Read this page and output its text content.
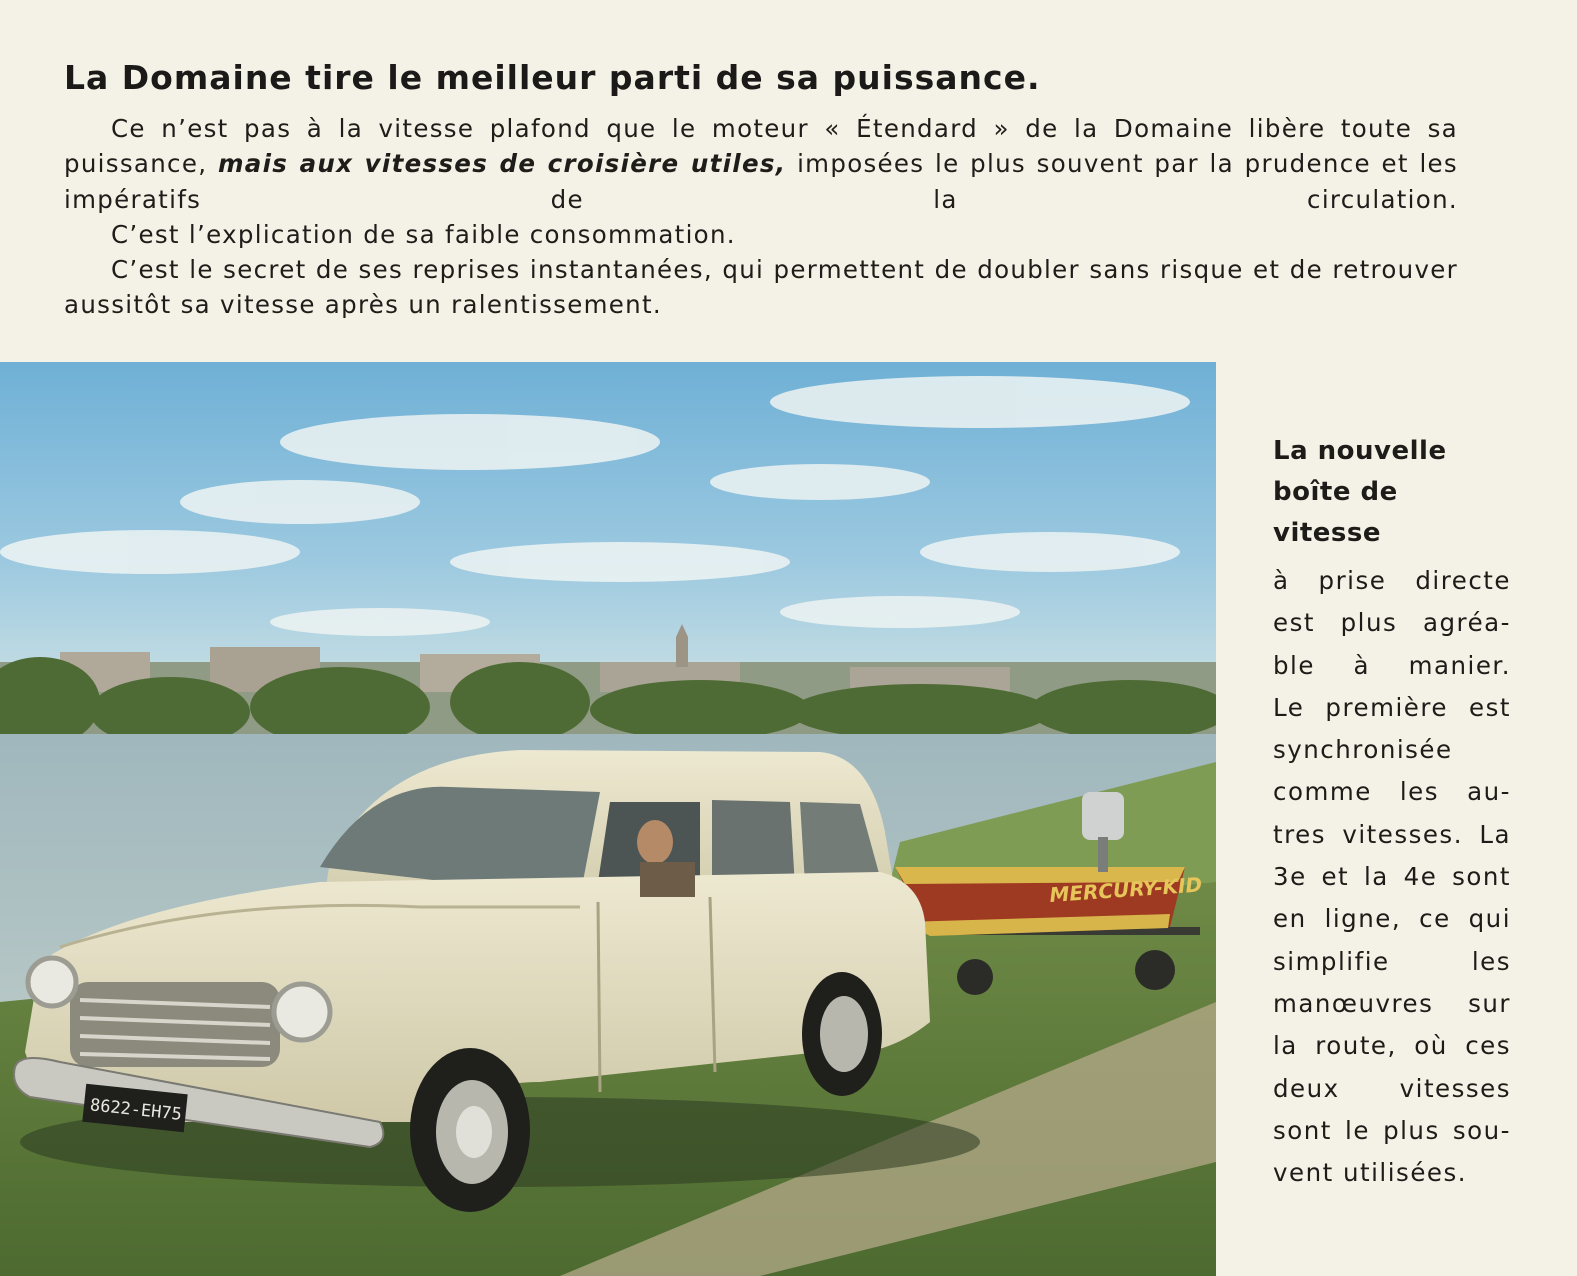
La Domaine tire le meilleur parti de sa puissance.

Ce n’est pas à la vitesse plafond que le moteur « Étendard » de la Domaine libère toute sa puissance, mais aux vitesses de croisière utiles, imposées le plus souvent par la prudence et les impératifs de la circulation.

C’est l’explication de sa faible consommation.

C’est le secret de ses reprises instantanées, qui permettent de doubler sans risque et de retrouver aussitôt sa vitesse après un ralentissement.

MERCURY-KID
8622-EH75
La nouvelle
boîte de vitesse

à prise directe
est plus agréa-
ble à manier.
Le première est
synchronisée
comme les au-
tres vitesses. La
3e et la 4e sont
en ligne, ce qui
simplifie les
manœuvres sur
la route, où ces
deux vitesses
sont le plus sou-
vent utilisées.
